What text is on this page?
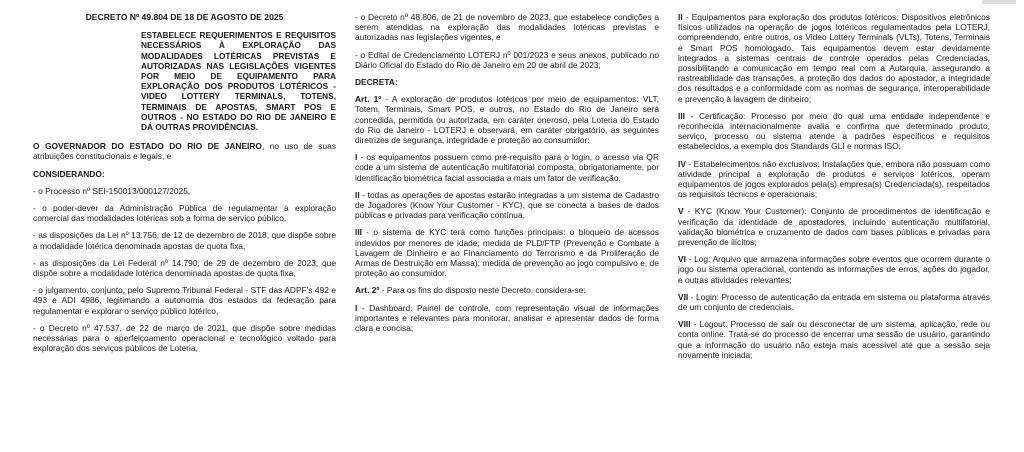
DECRETO Nº 49.804 DE 18 DE AGOSTO DE 2025
ESTABELECE REQUERIMENTOS E REQUISITOS NECESSÁRIOS À EXPLORAÇÃO DAS MODALIDADES LOTÉRICAS PREVISTAS E AUTORIZADAS NAS LEGISLAÇÕES VIGENTES POR MEIO DE EQUIPAMENTO PARA EXPLORAÇÃO DOS PRODUTOS LOTÉRICOS - VIDEO LOTTERY TERMINALS, TOTENS, TERMINAIS DE APOSTAS, SMART POS E OUTROS - NO ESTADO DO RIO DE JANEIRO E DÁ OUTRAS PROVIDÊNCIAS.

O GOVERNADOR DO ESTADO DO RIO DE JANEIRO, no uso de suas atribuições constitucionais e legais, e

CONSIDERANDO:

- o Processo nº SEI-150013/000127/2025,

- o poder-dever da Administração Pública de regulamentar a exploração comercial das modalidades lotéricas sob a forma de serviço público,

- as disposições da Lei nº 13.756, de 12 de dezembro de 2018, que dispõe sobre a modalidade lotérica denominada apostas de quota fixa,

- as disposições da Lei Federal nº 14.790, de 29 de dezembro de 2023, que dispõe sobre a modalidade lotérica denominada apostas de quota fixa,

- o julgamento, conjunto, pelo Supremo Tribunal Federal - STF das ADPF's 492 e 493 e ADI 4986, legitimando a autonomia dos estados da federação para regulamentar e explorar o serviço público lotérico,

- o Decreto nº 47.537, de 22 de março de 2021, que dispõe sobre medidas necessárias para o aperfeiçoamento operacional e tecnológico voltado para exploração dos serviços públicos de Loteria,

- o Decreto nº 48.806, de 21 de novembro de 2023, que estabelece condições a serem atendidas na exploração das modalidades lotéricas previstas e autorizadas nas legislações vigentes, e

- o Edital de Credenciamento LOTERJ nº 001/2023 e seus anexos, publicado no Diário Oficial do Estado do Rio de Janeiro em 20 de abril de 2023;

DECRETA:

Art. 1º - A exploração de produtos lotéricos por meio de equipamentos: VLT, Totem, Terminais, Smart POS, e outros, no Estado do Rio de Janeiro será concedida, permitida ou autorizada, em caráter oneroso, pela Loteria do Estado do Rio de Janeiro - LOTERJ e observará, em caráter obrigatório, as seguintes diretrizes de segurança, integridade e proteção ao consumidor:

I - os equipamentos possuem como pré-requisito para o login, o acesso via QR code a um sistema de autenticação multifatorial composta, obrigatoriamente, por identificação biométrica facial associada a mais um fator de verificação.

II - todas as operações de apostas estarão integradas a um sistema de Cadastro de Jogadores (Know Your Customer - KYC), que se conecta a bases de dados públicas e privadas para verificação contínua.

III - o sistema de KYC terá como funções principais: o bloqueio de acessos indevidos por menores de idade; medida de PLD/FTP (Prevenção e Combate à Lavagem de Dinheiro e ao Financiamento do Terrorismo e da Proliferação de Armas de Destruição em Massa); medida de prevenção ao jogo compulsivo e, de proteção ao consumidor.

Art. 2º - Para os fins do disposto neste Decreto, considera-se:

I - Dashboard: Painel de controle, com representação visual de informações importantes e relevantes para monitorar, analisar e apresentar dados de forma clara e concisa;

II - Equipamentos para exploração dos produtos lotéricos: Dispositivos eletrônicos físicos utilizados na operação de jogos lotéricos regulamentados pela LOTERJ, compreendendo, entre outros, os Video Lottery Terminals (VLTs), Totens, Terminais e Smart POS homologado. Tais equipamentos devem estar devidamente integrados a sistemas centrais de controle operados pelas Credenciadas, possibilitando a comunicação em tempo real com a Autarquia, assegurando a rastreabilidade das transações, a proteção dos dados do apostador, a integridade dos resultados e a conformidade com as normas de segurança, interoperabilidade e prevenção à lavagem de dinheiro;

III - Certificação: Processo por meio do qual uma entidade independente e reconhecida internacionalmente avalia e confirma que determinado produto, serviço, processo ou sistema atende a padrões específicos e requisitos estabelecidos, a exemplo dos Standards GLI e normas ISO;

IV - Estabelecimentos não exclusivos: Instalações que, embora não possuam como atividade principal a exploração de produtos e serviços lotéricos, operam equipamentos de jogos explorados pela(s) empresa(s) Credenciada(s), respeitados os requisitos técnicos e operacionais;

V - KYC (Know Your Customer): Conjunto de procedimentos de identificação e verificação da identidade de apostadores, incluindo autenticação multifatorial, validação biométrica e cruzamento de dados com bases públicas e privadas para prevenção de ilícitos;

VI - Log: Arquivo que armazena informações sobre eventos que ocorrem durante o jogo ou sistema operacional, contendo as informações de erros, ações do jogador, e outras atividades relevantes;

VII - Login: Processo de autenticação da entrada em sistema ou plataforma através de um conjunto de credenciais.

VIII - Logout: Processo de sair ou desconectar de um sistema, aplicação, rede ou conta online. Trata-se do processo de encerrar uma sessão de usuário, garantindo que a informação do usuário não esteja mais acessível até que a sessão seja novamente iniciada;
